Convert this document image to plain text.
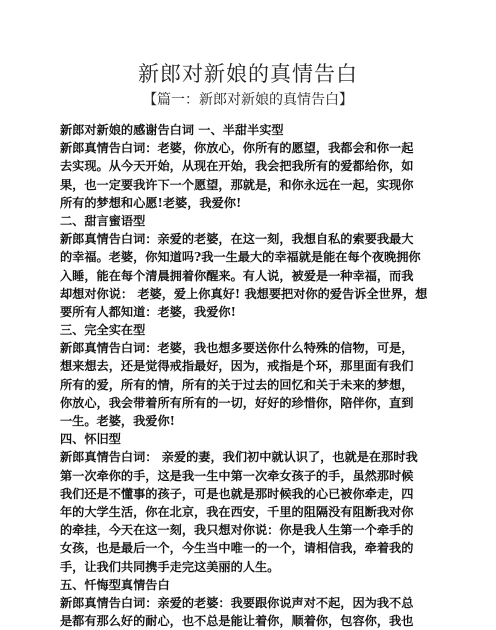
新郎对新娘的真情告白
【篇一：新郎对新娘的真情告白】
新郎对新娘的感谢告白词 一、半甜半实型
新郎真情告白词：老婆，你放心，你所有的愿望，我都会和你一起
去实现。从今天开始，从现在开始，我会把我所有的爱都给你，如
果，也一定要我许下一个愿望，那就是，和你永远在一起，实现你
所有的梦想和心愿!老婆，我爱你!
二、甜言蜜语型
新郎真情告白词：亲爱的老婆，在这一刻，我想自私的索要我最大
的幸福。老婆，你知道吗?我一生最大的幸福就是能在每个夜晚拥你
入睡，能在每个清晨拥着你醒来。有人说，被爱是一种幸福，而我
却想对你说： 老婆，爱上你真好! 我想要把对你的爱告诉全世界，想
要所有人都知道：老婆，我爱你!
三、完全实在型
新郎真情告白词：老婆，我也想多要送你什么特殊的信物，可是，
想来想去，还是觉得戒指最好，因为，戒指是个环，那里面有我们
所有的爱，所有的情，所有的关于过去的回忆和关于未来的梦想，
你放心，我会带着所有所有的一切，好好的珍惜你，陪伴你，直到
一生。老婆，我爱你!
四、怀旧型
新郎真情告白词： 亲爱的妻，我们初中就认识了，也就是在那时我
第一次牵你的手，这是我一生中第一次牵女孩子的手，虽然那时候
我们还是不懂事的孩子，可是也就是那时候我的心已被你牵走，四
年的大学生活，你在北京，我在西安，千里的阻隔没有阻断我对你
的牵挂，今天在这一刻，我只想对你说：你是我人生第一个牵手的
女孩，也是最后一个，今生当中唯一的一个，请相信我，牵着我的
手，让我们共同携手走完这美丽的人生。
五、忏悔型真情告白
新郎真情告白词：亲爱的老婆：我要跟你说声对不起，因为我不总
是都有那么好的耐心，也不总是能让着你，顺着你，包容你，我也
